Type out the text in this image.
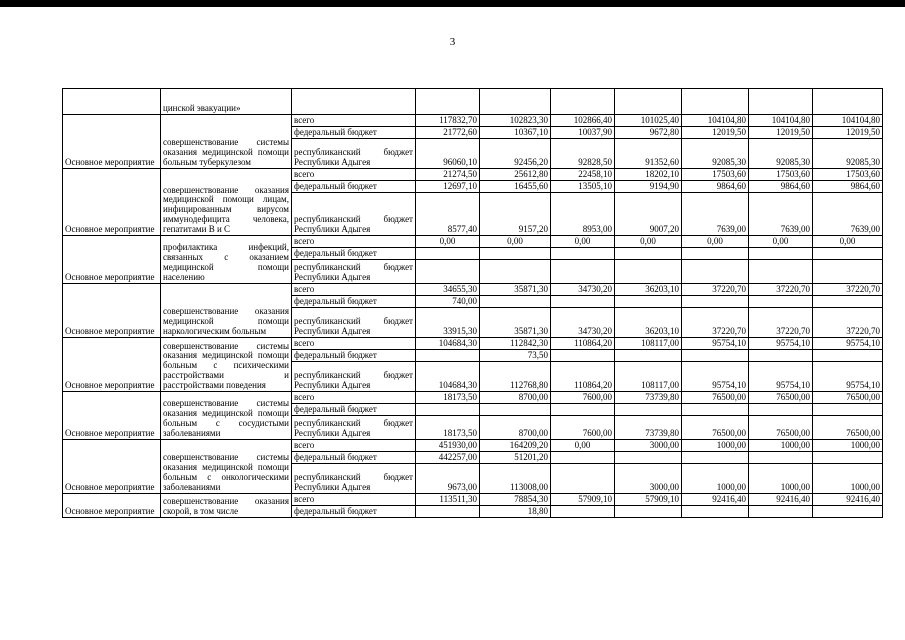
3
	цинской эвакуации»								
Основное мероприятие	совершенствование системы оказания медицинской помощи больным туберкулезом	всего	117832,70	102823,30	102866,40	101025,40	104104,80	104104,80	104104,80
		федеральный бюджет	21772,60	10367,10	10037,90	9672,80	12019,50	12019,50	12019,50
		республиканский бюджет Республики Адыгея	96060,10	92456,20	92828,50	91352,60	92085,30	92085,30	92085,30
Основное мероприятие	совершенствование оказания медицинской помощи лицам, инфицированным вирусом иммунодефицита человека, гепатитами B и C	всего	21274,50	25612,80	22458,10	18202,10	17503,60	17503,60	17503,60
		федеральный бюджет	12697,10	16455,60	13505,10	9194,90	9864,60	9864,60	9864,60
		республиканский бюджет Республики Адыгея	8577,40	9157,20	8953,00	9007,20	7639,00	7639,00	7639,00
Основное мероприятие	профилактика инфекций, связанных с оказанием медицинской помощи населению	всего	0,00	0,00	0,00	0,00	0,00	0,00	0,00
		федеральный бюджет							
		республиканский бюджет Республики Адыгея							
Основное мероприятие	совершенствование оказания медицинской помощи наркологическим больным	всего	34655,30	35871,30	34730,20	36203,10	37220,70	37220,70	37220,70
		федеральный бюджет	740,00						
		республиканский бюджет Республики Адыгея	33915,30	35871,30	34730,20	36203,10	37220,70	37220,70	37220,70
Основное мероприятие	совершенствование системы оказания медицинской помощи больным с психическими расстройствами и расстройствами поведения	всего	104684,30	112842,30	110864,20	108117,00	95754,10	95754,10	95754,10
		федеральный бюджет		73,50					
		республиканский бюджет Республики Адыгея	104684,30	112768,80	110864,20	108117,00	95754,10	95754,10	95754,10
Основное мероприятие	совершенствование системы оказания медицинской помощи больным с сосудистыми заболеваниями	всего	18173,50	8700,00	7600,00	73739,80	76500,00	76500,00	76500,00
		федеральный бюджет							
		республиканский бюджет Республики Адыгея	18173,50	8700,00	7600,00	73739,80	76500,00	76500,00	76500,00
Основное мероприятие	совершенствование системы оказания медицинской помощи больным с онкологическими заболеваниями	всего	451930,00	164209,20	0,00	3000,00	1000,00	1000,00	1000,00
		федеральный бюджет	442257,00	51201,20					
		республиканский бюджет Республики Адыгея	9673,00	113008,00		3000,00	1000,00	1000,00	1000,00
Основное мероприятие	совершенствование оказания скорой, в том числе	всего	113511,30	78854,30	57909,10	57909,10	92416,40	92416,40	92416,40
		федеральный бюджет		18,80					
